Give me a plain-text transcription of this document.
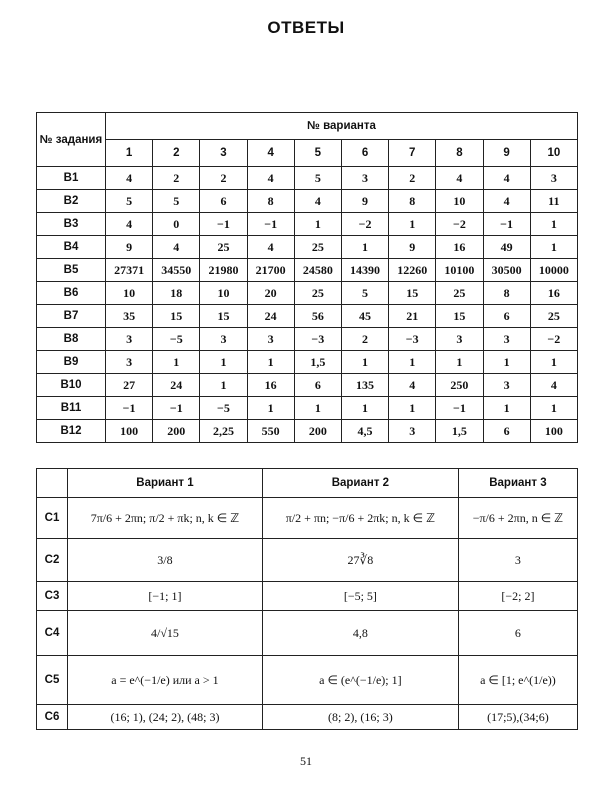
ОТВЕТЫ
№ задания	№ варианта									
	1	2	3	4	5	6	7	8	9	10
B1	4	2	2	4	5	3	2	4	4	3
B2	5	5	6	8	4	9	8	10	4	11
B3	4	0	−1	−1	1	−2	1	−2	−1	1
B4	9	4	25	4	25	1	9	16	49	1
B5	27371	34550	21980	21700	24580	14390	12260	10100	30500	10000
B6	10	18	10	20	25	5	15	25	8	16
B7	35	15	15	24	56	45	21	15	6	25
B8	3	−5	3	3	−3	2	−3	3	3	−2
B9	3	1	1	1	1,5	1	1	1	1	1
B10	27	24	1	16	6	135	4	250	3	4
B11	−1	−1	−5	1	1	1	1	−1	1	1
B12	100	200	2,25	550	200	4,5	3	1,5	6	100
	Вариант 1	Вариант 2	Вариант 3
C1	7π/6 + 2πn; π/2 + πk; n, k ∈ ℤ	π/2 + πn; −π/6 + 2πk; n, k ∈ ℤ	−π/6 + 2πn, n ∈ ℤ
C2	3/8	27∛8	3
C3	[−1; 1]	[−5; 5]	[−2; 2]
C4	4/√15	4,8	6
C5	a = e^(−1/e) или a > 1	a ∈ (e^(−1/e); 1]	a ∈ [1; e^(1/e))
C6	(16; 1), (24; 2), (48; 3)	(8; 2), (16; 3)	(17;5),(34;6)
51
